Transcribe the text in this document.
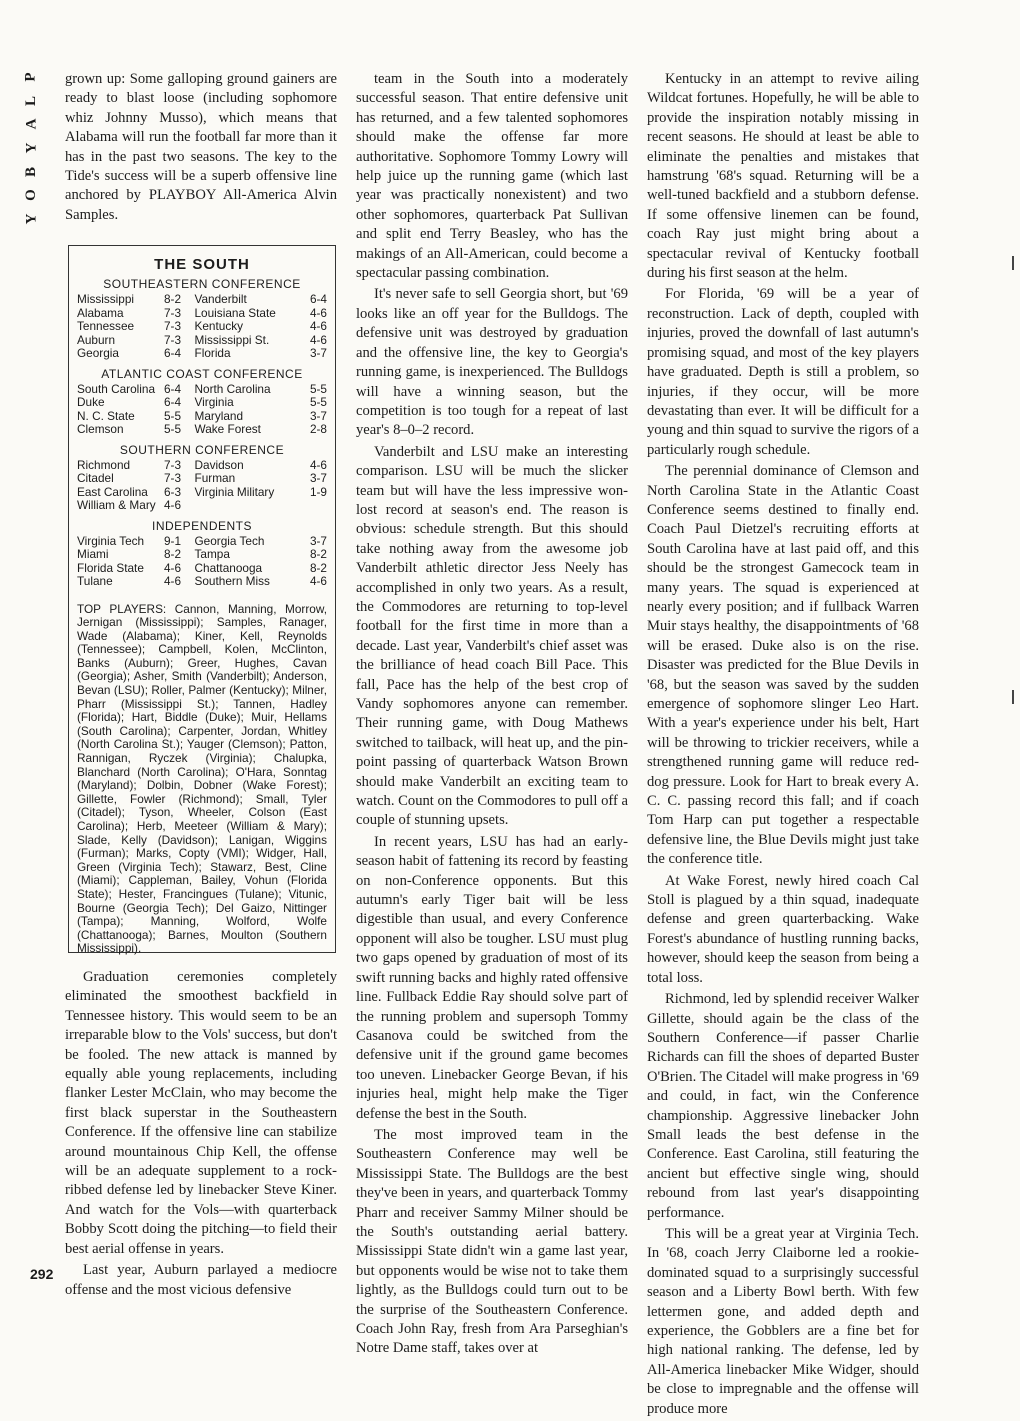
P
L
A
Y
B
O
Y
292

grown up: Some galloping ground gainers are ready to blast loose (including sophomore whiz Johnny Musso), which means that Alabama will run the football far more than it has in the past two seasons. The key to the Tide's success will be a superb offensive line anchored by PLAYBOY All-America Alvin Samples.

THE SOUTH
SOUTHEASTERN CONFERENCE
Mississippi	8-2	Vanderbilt	6-4
Alabama	7-3	Louisiana State	4-6
Tennessee	7-3	Kentucky	4-6
Auburn	7-3	Mississippi St.	4-6
Georgia	6-4	Florida	3-7
ATLANTIC COAST CONFERENCE
South Carolina	6-4	North Carolina	5-5
Duke	6-4	Virginia	5-5
N. C. State	5-5	Maryland	3-7
Clemson	5-5	Wake Forest	2-8
SOUTHERN CONFERENCE
Richmond	7-3	Davidson	4-6
Citadel	7-3	Furman	3-7
East Carolina	6-3	Virginia Military	1-9
William & Mary	4-6		
INDEPENDENTS
Virginia Tech	9-1	Georgia Tech	3-7
Miami	8-2	Tampa	8-2
Florida State	4-6	Chattanooga	8-2
Tulane	4-6	Southern Miss	4-6
TOP PLAYERS: Cannon, Manning, Morrow, Jernigan (Mississippi); Samples, Ranager, Wade (Alabama); Kiner, Kell, Reynolds (Tennessee); Campbell, Kolen, McClinton, Banks (Auburn); Greer, Hughes, Cavan (Georgia); Asher, Smith (Vanderbilt); Anderson, Bevan (LSU); Roller, Palmer (Kentucky); Milner, Pharr (Mississippi St.); Tannen, Hadley (Florida); Hart, Biddle (Duke); Muir, Hellams (South Carolina); Carpenter, Jordan, Whitley (North Carolina St.); Yauger (Clemson); Patton, Rannigan, Ryczek (Virginia); Chalupka, Blanchard (North Carolina); O'Hara, Sonntag (Maryland); Dolbin, Dobner (Wake Forest); Gillette, Fowler (Richmond); Small, Tyler (Citadel); Tyson, Wheeler, Colson (East Carolina); Herb, Meeteer (William & Mary); Slade, Kelly (Davidson); Lanigan, Wiggins (Furman); Marks, Copty (VMI); Widger, Hall, Green (Virginia Tech); Stawarz, Best, Cline (Miami); Cappleman, Bailey, Vohun (Florida State); Hester, Francingues (Tulane); Vitunic, Bourne (Georgia Tech); Del Gaizo, Nittinger (Tampa); Manning, Wolford, Wolfe (Chattanooga); Barnes, Moulton (Southern Mississippi).

Graduation ceremonies completely eliminated the smoothest backfield in Tennessee history. This would seem to be an irreparable blow to the Vols' success, but don't be fooled. The new attack is manned by equally able young replacements, including flanker Lester McClain, who may become the first black superstar in the Southeastern Conference. If the offensive line can stabilize around mountainous Chip Kell, the offense will be an adequate supplement to a rock-ribbed defense led by linebacker Steve Kiner. And watch for the Vols—with quarterback Bobby Scott doing the pitching—to field their best aerial offense in years.

Last year, Auburn parlayed a mediocre offense and the most vicious defensive

team in the South into a moderately successful season. That entire defensive unit has returned, and a few talented sophomores should make the offense far more authoritative. Sophomore Tommy Lowry will help juice up the running game (which last year was practically nonexistent) and two other sophomores, quarterback Pat Sullivan and split end Terry Beasley, who has the makings of an All-American, could become a spectacular passing combination.

It's never safe to sell Georgia short, but '69 looks like an off year for the Bulldogs. The defensive unit was destroyed by graduation and the offensive line, the key to Georgia's running game, is inexperienced. The Bulldogs will have a winning season, but the competition is too tough for a repeat of last year's 8–0–2 record.

Vanderbilt and LSU make an interesting comparison. LSU will be much the slicker team but will have the less impressive won-lost record at season's end. The reason is obvious: schedule strength. But this should take nothing away from the awesome job Vanderbilt athletic director Jess Neely has accomplished in only two years. As a result, the Commodores are returning to top-level football for the first time in more than a decade. Last year, Vanderbilt's chief asset was the brilliance of head coach Bill Pace. This fall, Pace has the help of the best crop of Vandy sophomores anyone can remember. Their running game, with Doug Mathews switched to tailback, will heat up, and the pin-point passing of quarterback Watson Brown should make Vanderbilt an exciting team to watch. Count on the Commodores to pull off a couple of stunning upsets.

In recent years, LSU has had an early-season habit of fattening its record by feasting on non-Conference opponents. But this autumn's early Tiger bait will be less digestible than usual, and every Conference opponent will also be tougher. LSU must plug two gaps opened by graduation of most of its swift running backs and highly rated offensive line. Fullback Eddie Ray should solve part of the running problem and supersoph Tommy Casanova could be switched from the defensive unit if the ground game becomes too uneven. Linebacker George Bevan, if his injuries heal, might help make the Tiger defense the best in the South.

The most improved team in the Southeastern Conference may well be Mississippi State. The Bulldogs are the best they've been in years, and quarterback Tommy Pharr and receiver Sammy Milner should be the South's outstanding aerial battery. Mississippi State didn't win a game last year, but opponents would be wise not to take them lightly, as the Bulldogs could turn out to be the surprise of the Southeastern Conference. Coach John Ray, fresh from Ara Parseghian's Notre Dame staff, takes over at

Kentucky in an attempt to revive ailing Wildcat fortunes. Hopefully, he will be able to provide the inspiration notably missing in recent seasons. He should at least be able to eliminate the penalties and mistakes that hamstrung '68's squad. Returning will be a well-tuned backfield and a stubborn defense. If some offensive linemen can be found, coach Ray just might bring about a spectacular revival of Kentucky football during his first season at the helm.

For Florida, '69 will be a year of reconstruction. Lack of depth, coupled with injuries, proved the downfall of last autumn's promising squad, and most of the key players have graduated. Depth is still a problem, so injuries, if they occur, will be more devastating than ever. It will be difficult for a young and thin squad to survive the rigors of a particularly rough schedule.

The perennial dominance of Clemson and North Carolina State in the Atlantic Coast Conference seems destined to finally end. Coach Paul Dietzel's recruiting efforts at South Carolina have at last paid off, and this should be the strongest Gamecock team in many years. The squad is experienced at nearly every position; and if fullback Warren Muir stays healthy, the disappointments of '68 will be erased. Duke also is on the rise. Disaster was predicted for the Blue Devils in '68, but the season was saved by the sudden emergence of sophomore slinger Leo Hart. With a year's experience under his belt, Hart will be throwing to trickier receivers, while a strengthened running game will reduce red-dog pressure. Look for Hart to break every A. C. C. passing record this fall; and if coach Tom Harp can put together a respectable defensive line, the Blue Devils might just take the conference title.

At Wake Forest, newly hired coach Cal Stoll is plagued by a thin squad, inadequate defense and green quarterbacking. Wake Forest's abundance of hustling running backs, however, should keep the season from being a total loss.

Richmond, led by splendid receiver Walker Gillette, should again be the class of the Southern Conference—if passer Charlie Richards can fill the shoes of departed Buster O'Brien. The Citadel will make progress in '69 and could, in fact, win the Conference championship. Aggressive linebacker John Small leads the best defense in the Conference. East Carolina, still featuring the ancient but effective single wing, should rebound from last year's disappointing performance.

This will be a great year at Virginia Tech. In '68, coach Jerry Claiborne led a rookie-dominated squad to a surprisingly successful season and a Liberty Bowl berth. With few lettermen gone, and added depth and experience, the Gobblers are a fine bet for high national ranking. The defense, led by All-America linebacker Mike Widger, should be close to impregnable and the offense will produce more
